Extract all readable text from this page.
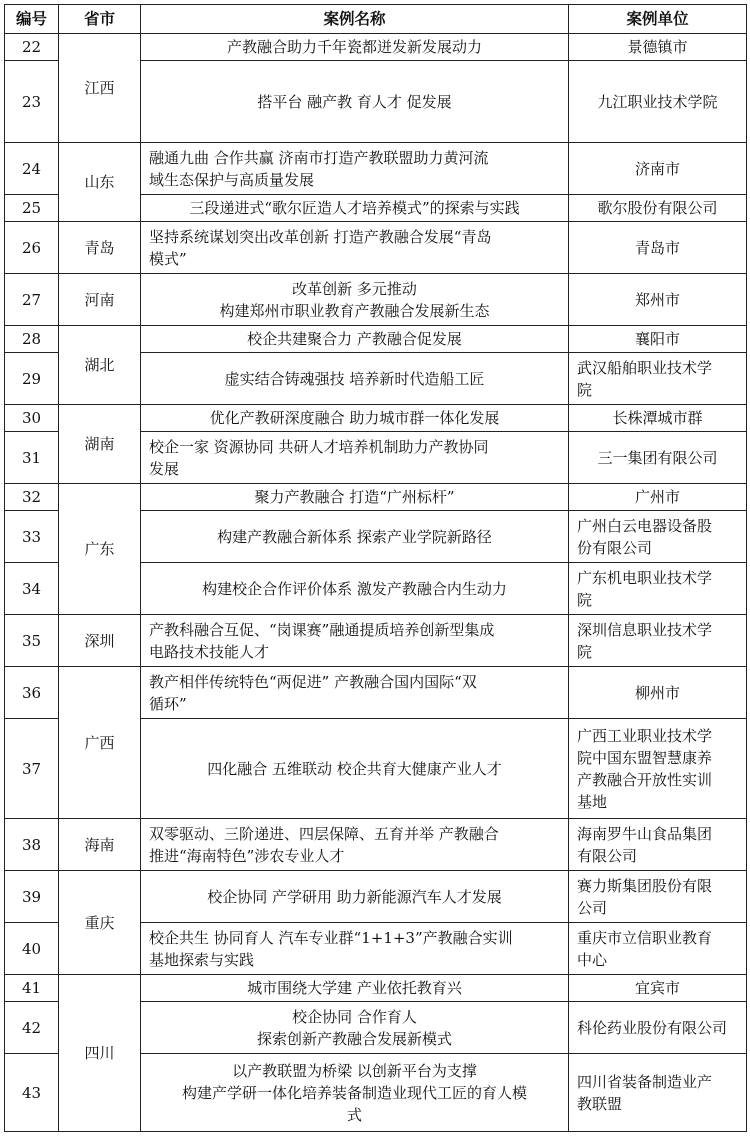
编号	省市	案例名称	案例单位
22	江西	产教融合助力千年瓷都迸发新发展动力	景德镇市
23		搭平台 融产教 育人才 促发展	九江职业技术学院
24	山东	融通九曲 合作共赢 济南市打造产教联盟助力黄河流
域生态保护与高质量发展	济南市
25		三段递进式“歌尔匠造人才培养模式”的探索与实践	歌尔股份有限公司
26	青岛	坚持系统谋划突出改革创新 打造产教融合发展“青岛
模式”	青岛市
27	河南	改革创新 多元推动
构建郑州市职业教育产教融合发展新生态	郑州市
28	湖北	校企共建聚合力 产教融合促发展	襄阳市
29		虚实结合铸魂强技 培养新时代造船工匠	武汉船舶职业技术学
院
30	湖南	优化产教研深度融合 助力城市群一体化发展	长株潭城市群
31		校企一家 资源协同 共研人才培养机制助力产教协同
发展	三一集团有限公司
32	广东	聚力产教融合 打造“广州标杆”	广州市
33		构建产教融合新体系 探索产业学院新路径	广州白云电器设备股
份有限公司
34		构建校企合作评价体系 激发产教融合内生动力	广东机电职业技术学
院
35	深圳	产教科融合互促、“岗课赛”融通提质培养创新型集成
电路技术技能人才	深圳信息职业技术学
院
36	广西	教产相伴传统特色“两促进” 产教融合国内国际“双
循环”	柳州市
37		四化融合 五维联动 校企共育大健康产业人才	广西工业职业技术学
院中国东盟智慧康养
产教融合开放性实训
基地
38	海南	双零驱动、三阶递进、四层保障、五育并举 产教融合
推进“海南特色”涉农专业人才	海南罗牛山食品集团
有限公司
39	重庆	校企协同 产学研用 助力新能源汽车人才发展	赛力斯集团股份有限
公司
40		校企共生 协同育人 汽车专业群“1+1+3”产教融合实训
基地探索与实践	重庆市立信职业教育
中心
41	四川	城市围绕大学建 产业依托教育兴	宜宾市
42		校企协同 合作育人
探索创新产教融合发展新模式	科伦药业股份有限公司
43		以产教联盟为桥梁 以创新平台为支撑
构建产学研一体化培养装备制造业现代工匠的育人模
式	四川省装备制造业产
教联盟
